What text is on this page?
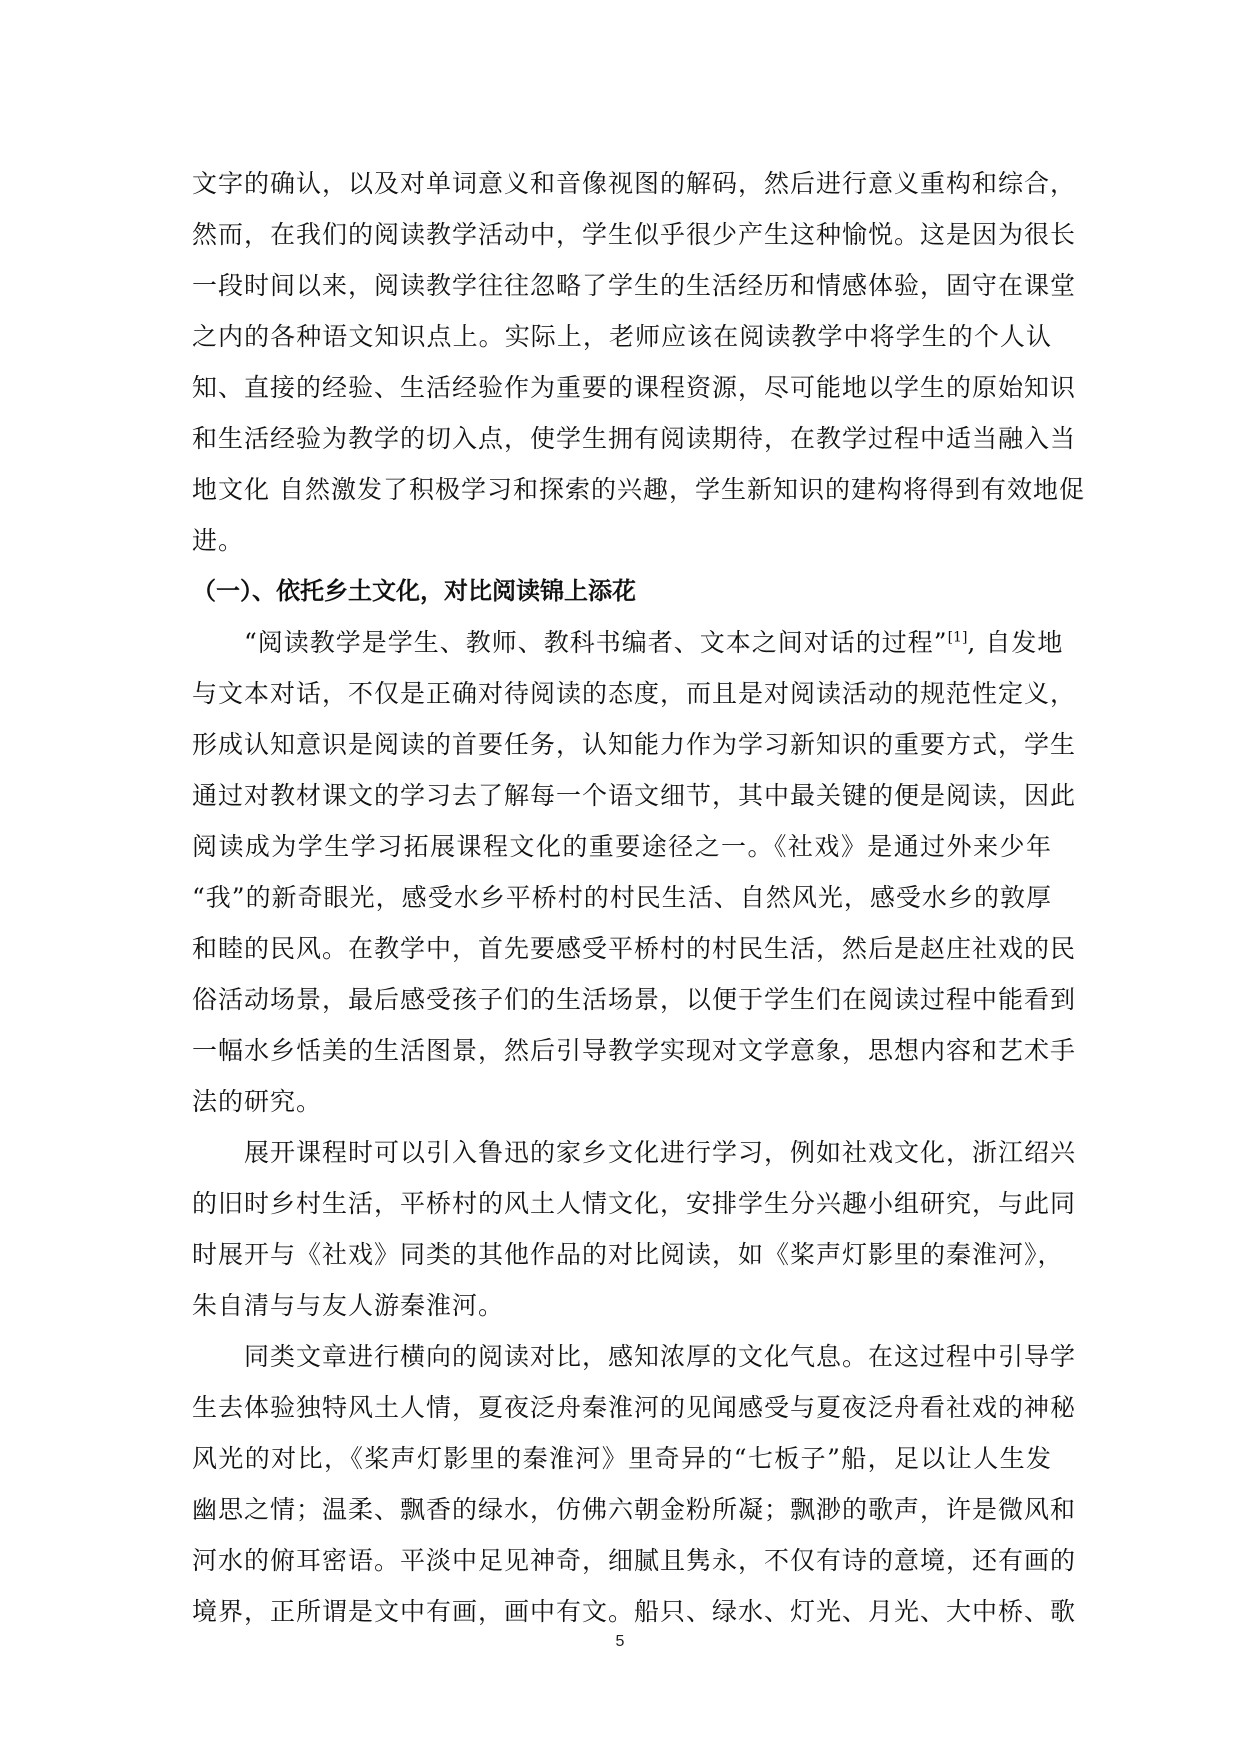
文字的确认，以及对单词意义和音像视图的解码，然后进行意义重构和综合，
然而，在我们的阅读教学活动中，学生似乎很少产生这种愉悦。这是因为很长
一段时间以来，阅读教学往往忽略了学生的生活经历和情感体验，固守在课堂
之内的各种语文知识点上。实际上，老师应该在阅读教学中将学生的个人认
知、直接的经验、生活经验作为重要的课程资源，尽可能地以学生的原始知识
和生活经验为教学的切入点，使学生拥有阅读期待，在教学过程中适当融入当
地文化 自然激发了积极学习和探索的兴趣，学生新知识的建构将得到有效地促
进。
（一）、依托乡土文化，对比阅读锦上添花
“阅读教学是学生、教师、教科书编者、文本之间对话的过程”[1], 自发地
与文本对话，不仅是正确对待阅读的态度，而且是对阅读活动的规范性定义，
形成认知意识是阅读的首要任务，认知能力作为学习新知识的重要方式，学生
通过对教材课文的学习去了解每一个语文细节，其中最关键的便是阅读，因此
阅读成为学生学习拓展课程文化的重要途径之一。《社戏》是通过外来少年
“我”的新奇眼光，感受水乡平桥村的村民生活、自然风光，感受水乡的敦厚
和睦的民风。在教学中，首先要感受平桥村的村民生活，然后是赵庄社戏的民
俗活动场景，最后感受孩子们的生活场景，以便于学生们在阅读过程中能看到
一幅水乡恬美的生活图景，然后引导教学实现对文学意象，思想内容和艺术手
法的研究。
展开课程时可以引入鲁迅的家乡文化进行学习，例如社戏文化，浙江绍兴
的旧时乡村生活，平桥村的风土人情文化，安排学生分兴趣小组研究，与此同
时展开与《社戏》同类的其他作品的对比阅读，如《桨声灯影里的秦淮河》，
朱自清与与友人游秦淮河。
同类文章进行横向的阅读对比，感知浓厚的文化气息。在这过程中引导学
生去体验独特风土人情，夏夜泛舟秦淮河的见闻感受与夏夜泛舟看社戏的神秘
风光的对比，《桨声灯影里的秦淮河》里奇异的“七板子”船，足以让人生发
幽思之情；温柔、飘香的绿水，仿佛六朝金粉所凝；飘渺的歌声，许是微风和
河水的俯耳密语。平淡中足见神奇，细腻且隽永，不仅有诗的意境，还有画的
境界，正所谓是文中有画，画中有文。船只、绿水、灯光、月光、大中桥、歌
5
